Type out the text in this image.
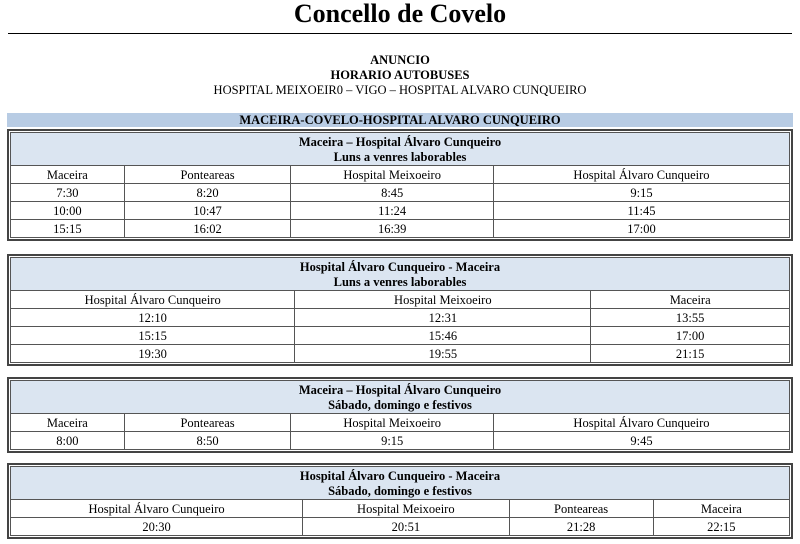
Concello de Covelo
ANUNCIO
HORARIO AUTOBUSES
HOSPITAL MEIXOEIR0 – VIGO – HOSPITAL ALVARO CUNQUEIRO
MACEIRA-COVELO-HOSPITAL ALVARO CUNQUEIRO
Maceira – Hospital Álvaro Cunqueiro
Luns a venres laborables			

Maceira	Ponteareas	Hospital Meixoeiro	Hospital Álvaro Cunqueiro
7:30	8:20	8:45	9:15
10:00	10:47	11:24	11:45
15:15	16:02	16:39	17:00
Hospital Álvaro Cunqueiro - Maceira
Luns a venres laborables		

Hospital Álvaro Cunqueiro	Hospital Meixoeiro	Maceira
12:10	12:31	13:55
15:15	15:46	17:00
19:30	19:55	21:15
Maceira – Hospital Álvaro Cunqueiro
Sábado, domingo e festivos			

Maceira	Ponteareas	Hospital Meixoeiro	Hospital Álvaro Cunqueiro
8:00	8:50	9:15	9:45
Hospital Álvaro Cunqueiro - Maceira
Sábado, domingo e festivos			

Hospital Álvaro Cunqueiro	Hospital Meixoeiro	Ponteareas	Maceira
20:30	20:51	21:28	22:15
